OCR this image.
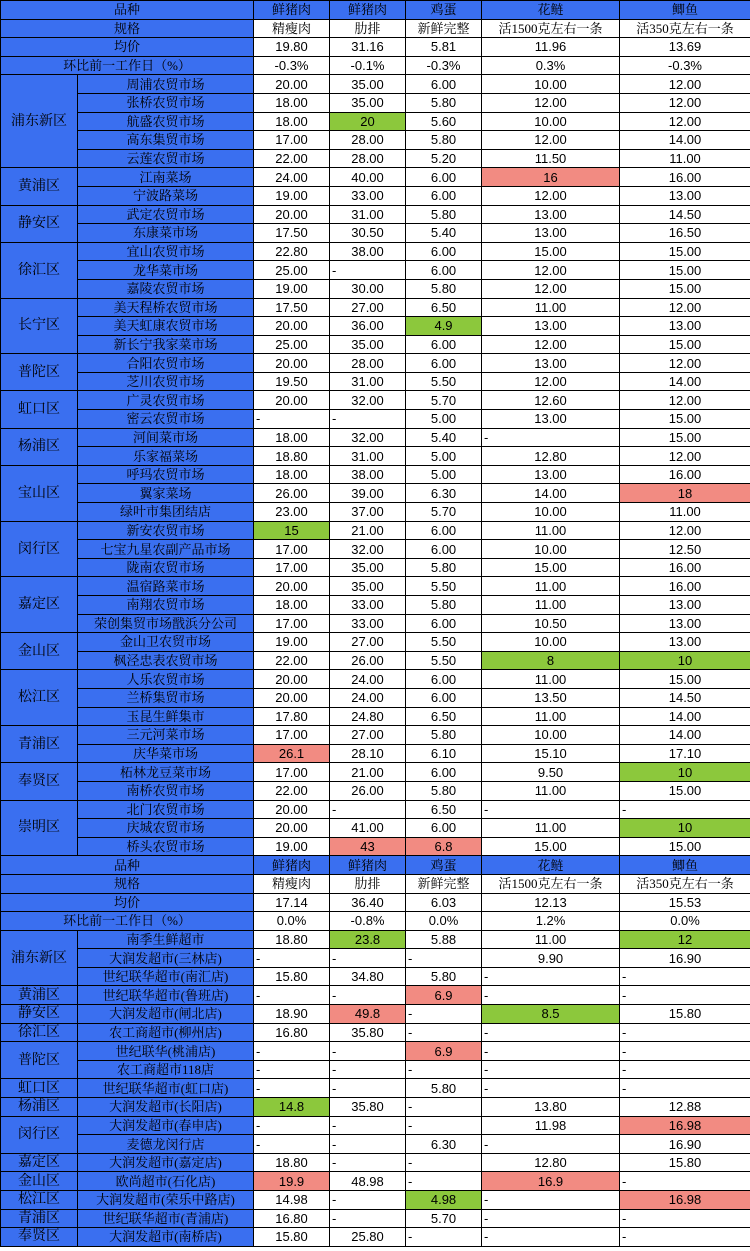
品种		鲜猪肉	鲜猪肉	鸡蛋	花鲢	鲫鱼
规格		精瘦肉	肋排	新鲜完整	活1500克左右一条	活350克左右一条
均价		19.80	31.16	5.81	11.96	13.69
环比前一工作日（%）		-0.3%	-0.1%	-0.3%	0.3%	-0.3%
浦东新区	周浦农贸市场	20.00	35.00	6.00	10.00	12.00
	张桥农贸市场	18.00	35.00	5.80	12.00	12.00
	航盛农贸市场	18.00	20	5.60	10.00	12.00
	高东集贸市场	17.00	28.00	5.80	12.00	14.00
	云莲农贸市场	22.00	28.00	5.20	11.50	11.00
黄浦区	江南菜场	24.00	40.00	6.00	16	16.00
	宁波路菜场	19.00	33.00	6.00	12.00	13.00
静安区	武定农贸市场	20.00	31.00	5.80	13.00	14.50
	东康菜市场	17.50	30.50	5.40	13.00	16.50
徐汇区	宜山农贸市场	22.80	38.00	6.00	15.00	15.00
	龙华菜市场	25.00	-	6.00	12.00	15.00
	嘉陵农贸市场	19.00	30.00	5.80	12.00	15.00
长宁区	美天程桥农贸市场	17.50	27.00	6.50	11.00	12.00
	美天虹康农贸市场	20.00	36.00	4.9	13.00	13.00
	新长宁我家菜市场	25.00	35.00	6.00	12.00	15.00
普陀区	合阳农贸市场	20.00	28.00	6.00	13.00	12.00
	芝川农贸市场	19.50	31.00	5.50	12.00	14.00
虹口区	广灵农贸市场	20.00	32.00	5.70	12.60	12.00
	密云农贸市场	-	-	5.00	13.00	15.00
杨浦区	河间菜市场	18.00	32.00	5.40	-	15.00
	乐家福菜场	18.80	31.00	5.00	12.80	12.00
宝山区	呼玛农贸市场	18.00	38.00	5.00	13.00	16.00
	翼家菜场	26.00	39.00	6.30	14.00	18
	绿叶市集团结店	23.00	37.00	5.70	10.00	11.00
闵行区	新安农贸市场	15	21.00	6.00	11.00	12.00
	七宝九星农副产品市场	17.00	32.00	6.00	10.00	12.50
	陇南农贸市场	17.00	35.00	5.80	15.00	16.00
嘉定区	温宿路菜市场	20.00	35.00	5.50	11.00	16.00
	南翔农贸市场	18.00	33.00	5.80	11.00	13.00
	荣创集贸市场戬浜分公司	17.00	33.00	6.00	10.50	13.00
金山区	金山卫农贸市场	19.00	27.00	5.50	10.00	13.00
	枫泾忠表农贸市场	22.00	26.00	5.50	8	10
松江区	人乐农贸市场	20.00	24.00	6.00	11.00	15.00
	兰桥集贸市场	20.00	24.00	6.00	13.50	14.50
	玉昆生鲜集市	17.80	24.80	6.50	11.00	14.00
青浦区	三元河菜市场	17.00	27.00	5.80	10.00	14.00
	庆华菜市场	26.1	28.10	6.10	15.10	17.10
奉贤区	柘林龙豆菜市场	17.00	21.00	6.00	9.50	10
	南桥农贸市场	22.00	26.00	5.80	11.00	15.00
崇明区	北门农贸市场	20.00	-	6.50	-	-
	庆城农贸市场	20.00	41.00	6.00	11.00	10
	桥头农贸市场	19.00	43	6.8	15.00	15.00
品种		鲜猪肉	鲜猪肉	鸡蛋	花鲢	鲫鱼
规格		精瘦肉	肋排	新鲜完整	活1500克左右一条	活350克左右一条
均价		17.14	36.40	6.03	12.13	15.53
环比前一工作日（%）		0.0%	-0.8%	0.0%	1.2%	0.0%
浦东新区	南季生鲜超市	18.80	23.8	5.88	11.00	12
	大润发超市(三林店)	-	-	-	9.90	16.90
	世纪联华超市(南汇店)	15.80	34.80	5.80	-	-
黄浦区	世纪联华超市(鲁班店)	-	-	6.9	-	-
静安区	大润发超市(闸北店)	18.90	49.8	-	8.5	15.80
徐汇区	农工商超市(柳州店)	16.80	35.80	-	-	-
普陀区	世纪联华(桃浦店)	-	-	6.9	-	-
	农工商超市118店	-	-	-	-	-
虹口区	世纪联华超市(虹口店)	-	-	5.80	-	-
杨浦区	大润发超市(长阳店)	14.8	35.80	-	13.80	12.88
闵行区	大润发超市(春申店)	-	-	-	11.98	16.98
	麦德龙闵行店	-	-	6.30	-	16.90
嘉定区	大润发超市(嘉定店)	18.80	-	-	12.80	15.80
金山区	欧尚超市(石化店)	19.9	48.98	-	16.9	-
松江区	大润发超市(荣乐中路店)	14.98	-	4.98	-	16.98
青浦区	世纪联华超市(青浦店)	16.80	-	5.70	-	-
奉贤区	大润发超市(南桥店)	15.80	25.80	-	-	-
